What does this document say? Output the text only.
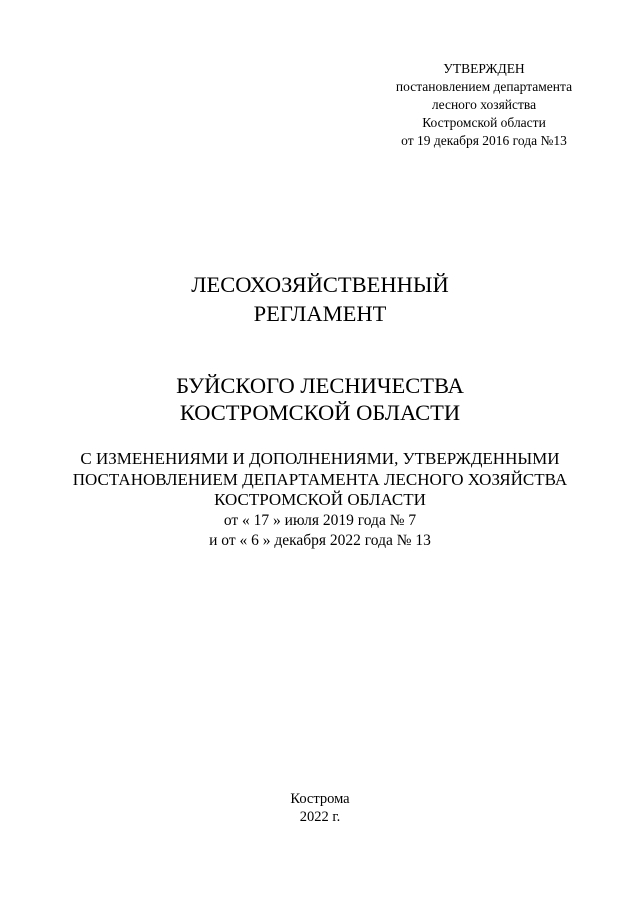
УТВЕРЖДЕН
постановлением департамента
лесного хозяйства
Костромской области
от 19 декабря 2016 года №13
ЛЕСОХОЗЯЙСТВЕННЫЙ
РЕГЛАМЕНТ
БУЙСКОГО ЛЕСНИЧЕСТВА
КОСТРОМСКОЙ ОБЛАСТИ
С ИЗМЕНЕНИЯМИ И ДОПОЛНЕНИЯМИ, УТВЕРЖДЕННЫМИ
ПОСТАНОВЛЕНИЕМ ДЕПАРТАМЕНТА ЛЕСНОГО ХОЗЯЙСТВА
КОСТРОМСКОЙ ОБЛАСТИ
от « 17 » июля 2019 года № 7
и от « 6 » декабря 2022 года № 13
Кострома
2022 г.
